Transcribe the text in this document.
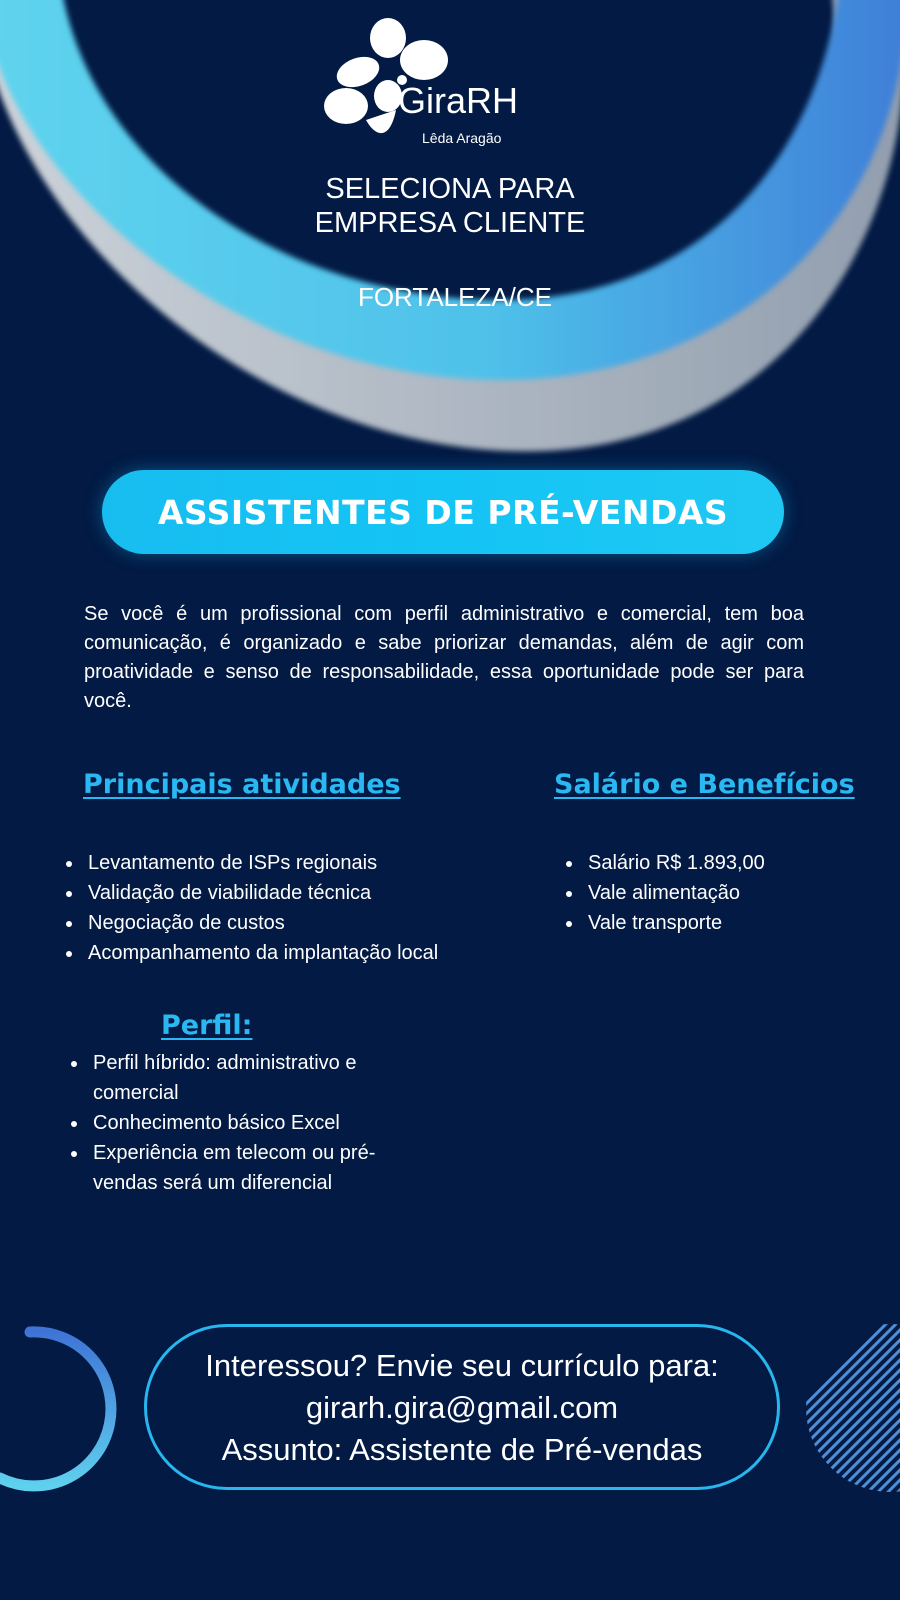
GiraRH
Lêda Aragão
SELECIONA PARA
EMPRESA CLIENTE
FORTALEZA/CE
ASSISTENTES DE PRÉ-VENDAS
Se você é um profissional com perfil administrativo e comercial, tem boa comunicação, é organizado e sabe priorizar demandas, além de agir com proatividade e senso de responsabilidade, essa oportunidade pode ser para você.
Principais atividades
• Levantamento de ISPs regionais
• Validação de viabilidade técnica
• Negociação de custos
• Acompanhamento da implantação local
Salário e Benefícios
• Salário R$ 1.893,00
• Vale alimentação
• Vale transporte
Perfil:
• Perfil híbrido: administrativo e comercial
• Conhecimento básico Excel
• Experiência em telecom ou pré-vendas será um diferencial
Interessou? Envie seu currículo para:
girarh.gira@gmail.com
Assunto: Assistente de Pré-vendas
